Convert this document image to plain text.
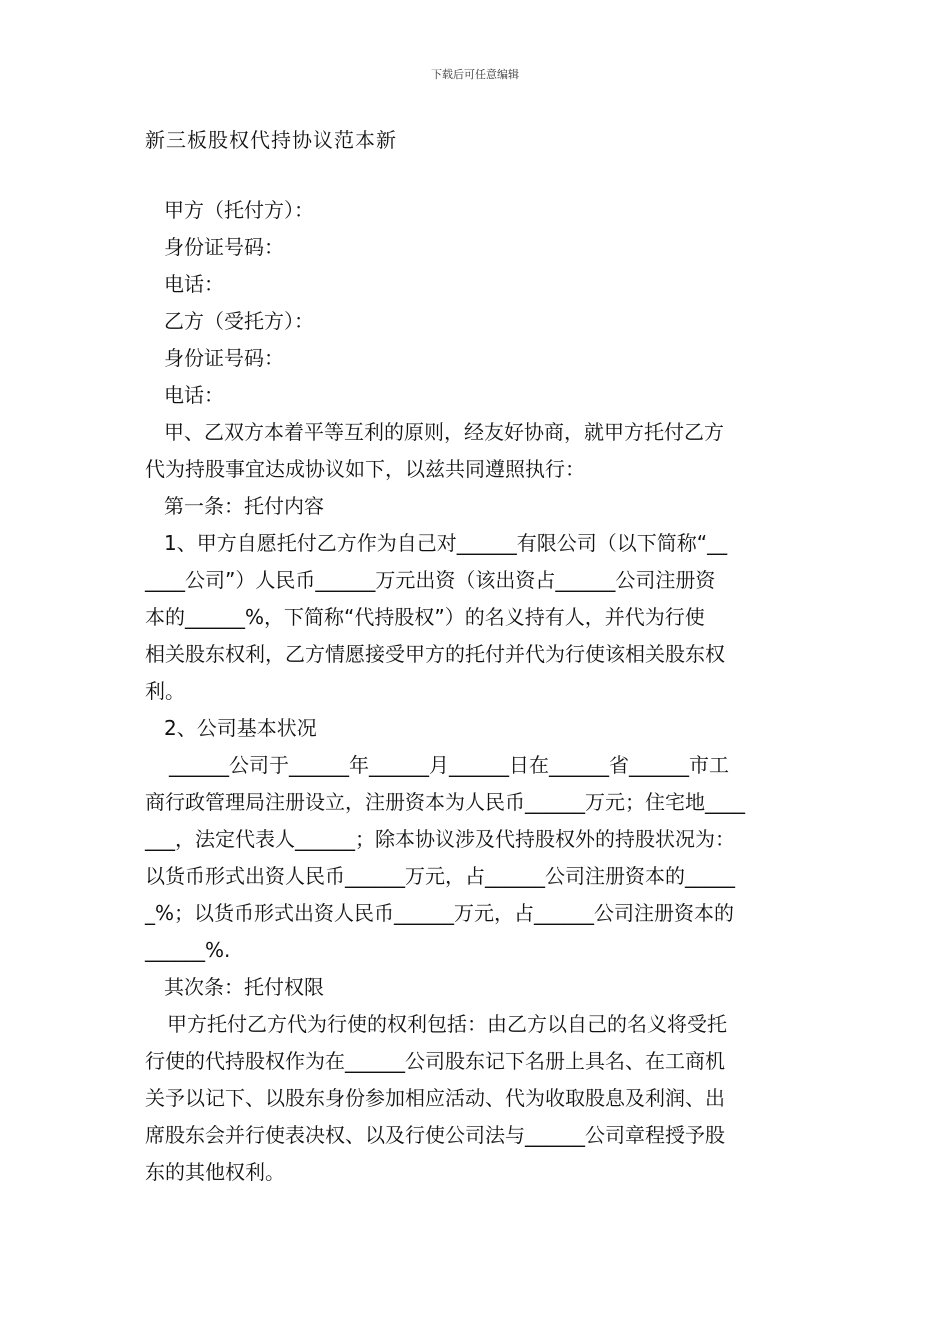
下载后可任意编辑
新三板股权代持协议范本新
甲方（托付方）：
身份证号码：
电话：
乙方（受托方）：
身份证号码：
电话：
甲、乙双方本着平等互利的原则，经友好协商，就甲方托付乙方
代为持股事宜达成协议如下，以兹共同遵照执行：
第一条：托付内容
1、甲方自愿托付乙方作为自己对______有限公司（以下简称“__
____公司”）人民币______万元出资（该出资占______公司注册资
本的______%，下简称“代持股权”）的名义持有人，并代为行使
相关股东权利，乙方情愿接受甲方的托付并代为行使该相关股东权
利。
2、公司基本状况
______公司于______年______月______日在______省______市工
商行政管理局注册设立，注册资本为人民币______万元；住宅地____
___，法定代表人______；除本协议涉及代持股权外的持股状况为：
以货币形式出资人民币______万元，占______公司注册资本的_____
_%；以货币形式出资人民币______万元，占______公司注册资本的
______%.
其次条：托付权限
甲方托付乙方代为行使的权利包括：由乙方以自己的名义将受托
行使的代持股权作为在______公司股东记下名册上具名、在工商机
关予以记下、以股东身份参加相应活动、代为收取股息及利润、出
席股东会并行使表决权、以及行使公司法与______公司章程授予股
东的其他权利。
